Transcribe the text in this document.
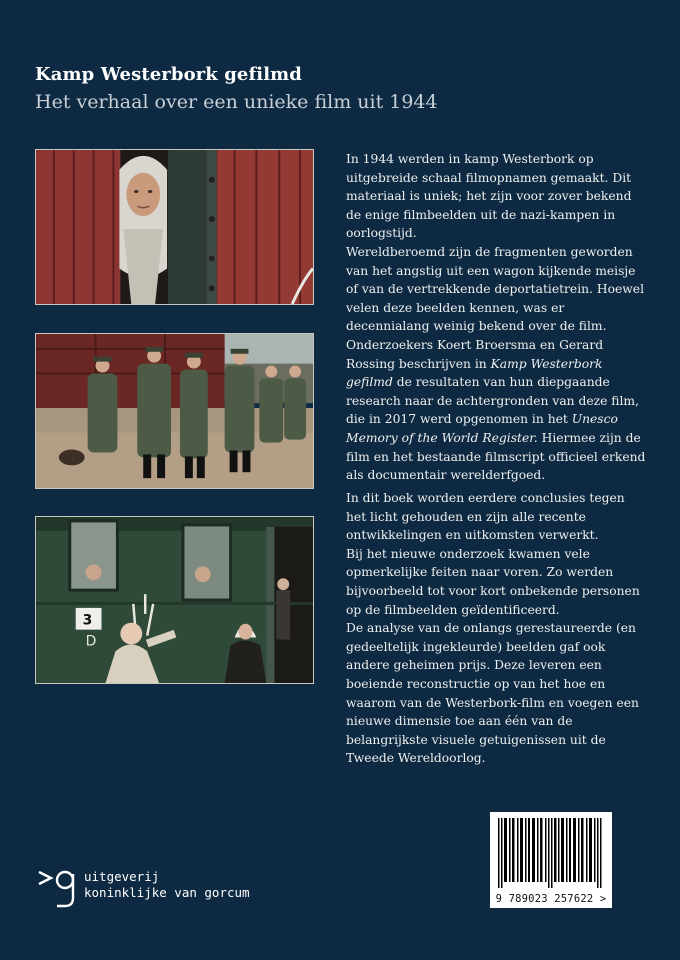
Kamp Westerbork gefilmd
Het verhaal over een unieke film uit 1944
3
D

In 1944 werden in kamp Westerbork op uitgebreide schaal filmopnamen gemaakt. Dit materiaal is uniek; het zijn voor zover bekend de enige filmbeelden uit de nazi-kampen in oorlogstijd.

Wereldberoemd zijn de fragmenten geworden van het angstig uit een wagon kijkende meisje of van de vertrekkende deportatietrein. Hoewel velen deze beelden kennen, was er decennialang weinig bekend over de film. Onderzoekers Koert Broersma en Gerard Rossing beschrijven in Kamp Westerbork gefilmd de resultaten van hun diepgaande research naar de achtergronden van deze film, die in 2017 werd opgenomen in het Unesco Memory of the World Register. Hiermee zijn de film en het bestaande filmscript officieel erkend als documentair werelderfgoed.

In dit boek worden eerdere conclusies tegen het licht gehouden en zijn alle recente ontwikkelingen en uitkomsten verwerkt.

Bij het nieuwe onderzoek kwamen vele opmerkelijke feiten naar voren. Zo werden bijvoorbeeld tot voor kort onbekende personen op de filmbeelden geïdentificeerd.

De analyse van de onlangs gerestaureerde (en gedeeltelijk ingekleurde) beelden gaf ook andere geheimen prijs. Deze leveren een boeiende reconstructie op van het hoe en waarom van de Westerbork-film en voegen een nieuwe dimensie toe aan één van de belangrijkste visuele getuigenissen uit de Tweede Wereldoorlog.

9 789023 257622 >
uitgeverij
koninklijke van gorcum
